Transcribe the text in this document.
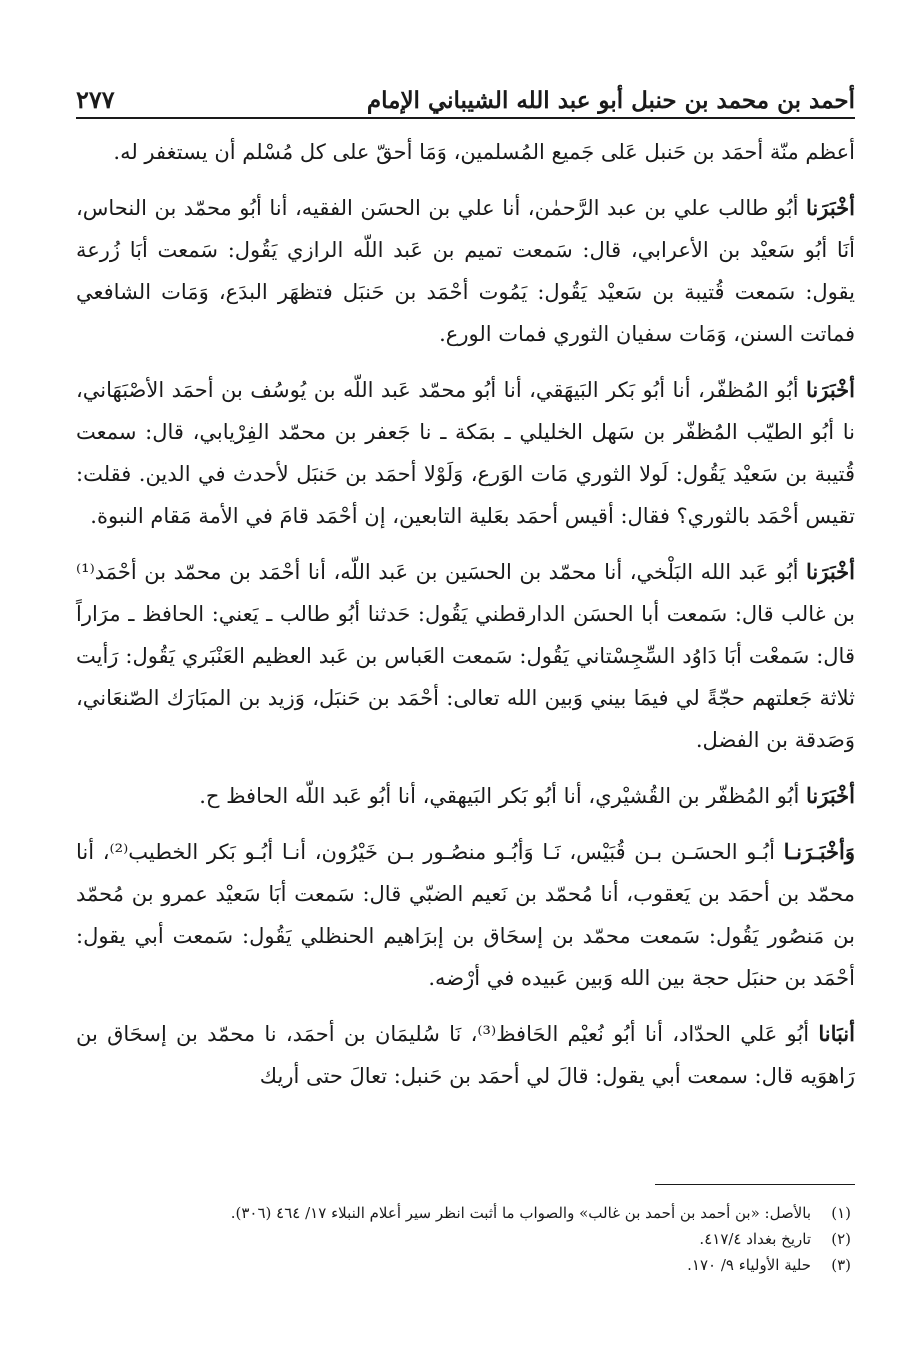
أحمد بن محمد بن حنبل أبو عبد الله الشيباني الإمام
٢٧٧

أعظم منّة أحمَد بن حَنبل عَلى جَميع المُسلمين، وَمَا أحقّ على كل مُسْلم أن يستغفر له.

أخْبَرَنا أبُو طالب علي بن عبد الرَّحمٰن، أنا علي بن الحسَن الفقيه، أنا أبُو محمّد بن النحاس، أنَا أبُو سَعيْد بن الأعرابي، قال: سَمعت تميم بن عَبد اللّه الرازي يَقُول: سَمعت أبَا زُرعة يقول: سَمعت قُتيبة بن سَعيْد يَقُول: يَمُوت أحْمَد بن حَنبَل فتظهَر البدَع، وَمَات الشافعي فماتت السنن، وَمَات سفيان الثوري فمات الورع.

أخْبَرَنا أبُو المُظفّر، أنا أبُو بَكر البَيهَقي، أنا أبُو محمّد عَبد اللّه بن يُوسُف بن أحمَد الأصْبَهَاني، نا أبُو الطيّب المُظفّر بن سَهل الخليلي ـ بمَكة ـ نا جَعفر بن محمّد الفِرْيابي، قال: سمعت قُتيبة بن سَعيْد يَقُول: لَولا الثوري مَات الوَرع، وَلَوْلا أحمَد بن حَنبَل لأحدث في الدين. فقلت: تقيس أحْمَد بالثوري؟ فقال: أقيس أحمَد بعَلية التابعين، إن أحْمَد قامَ في الأمة مَقام النبوة.

أخْبَرَنا أبُو عَبد الله البَلْخي، أنا محمّد بن الحسَين بن عَبد اللّه، أنا أحْمَد بن محمّد بن أحْمَد⁽¹⁾ بن غالب قال: سَمعت أبا الحسَن الدارقطني يَقُول: حَدثنا أبُو طالب ـ يَعني: الحافظ ـ مرَاراً قال: سَمعْت أبَا دَاوُد السِّجِسْتاني يَقُول: سَمعت العَباس بن عَبد العظيم العَنْبَري يَقُول: رَأيت ثلاثة جَعلتهم حجّةً لي فيمَا بيني وَبين الله تعالى: أحْمَد بن حَنبَل، وَزيد بن المبَارَك الصّنعَاني، وَصَدقة بن الفضل.

أخْبَرَنا أبُو المُظفّر بن القُشيْري، أنا أبُو بَكر البَيهقي، أنا أبُو عَبد اللّه الحافظ ح.

وَأخْبَـرَنـا أبُـو الحسَـن بـن قُبَيْس، نَـا وَأبُـو منصُـور بـن خَيْرُون، أنـا أبُـو بَكر الخطيب⁽²⁾، أنا محمّد بن أحمَد بن يَعقوب، أنا مُحمّد بن نَعيم الضبّي قال: سَمعت أبَا سَعيْد عمرو بن مُحمّد بن مَنصُور يَقُول: سَمعت محمّد بن إسحَاق بن إبرَاهيم الحنظلي يَقُول: سَمعت أبي يقول: أحْمَد بن حنبَل حجة بين الله وَبين عَبيده في أرْضه.

أنبَانا أبُو عَلي الحدّاد، أنا أبُو نُعيْم الحَافظ⁽³⁾، نَا سُليمَان بن أحمَد، نا محمّد بن إسحَاق بن رَاهوَيه قال: سمعت أبي يقول: قالَ لي أحمَد بن حَنبل: تعالَ حتى أريك

(١)
بالأصل: «بن أحمد بن أحمد بن غالب» والصواب ما أثبت انظر سير أعلام النبلاء ١٧/ ٤٦٤ (٣٠٦).

(٢)
تاريخ بغداد ٤١٧/٤.

(٣)
حلية الأولياء ٩/ ١٧٠.
